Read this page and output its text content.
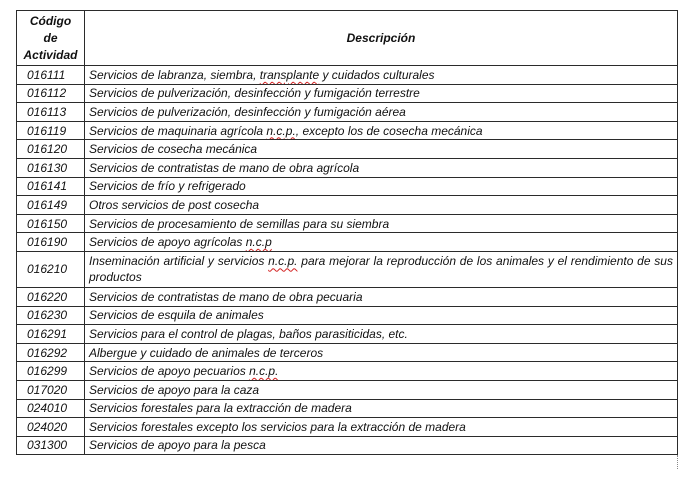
Código
de
Actividad	Descripción
016111	Servicios de labranza, siembra, transplante y cuidados culturales
016112	Servicios de pulverización, desinfección y fumigación terrestre
016113	Servicios de pulverización, desinfección y fumigación aérea
016119	Servicios de maquinaria agrícola n.c.p., excepto los de cosecha mecánica
016120	Servicios de cosecha mecánica
016130	Servicios de contratistas de mano de obra agrícola
016141	Servicios de frío y refrigerado
016149	Otros servicios de post cosecha
016150	Servicios de procesamiento de semillas para su siembra
016190	Servicios de apoyo agrícolas n.c.p
016210	Inseminación artificial y servicios n.c.p. para mejorar la reproducción de los animales y el rendimiento de sus productos
016220	Servicios de contratistas de mano de obra pecuaria
016230	Servicios de esquila de animales
016291	Servicios para el control de plagas, baños parasiticidas, etc.
016292	Albergue y cuidado de animales de terceros
016299	Servicios de apoyo pecuarios n.c.p.
017020	Servicios de apoyo para la caza
024010	Servicios forestales para la extracción de madera
024020	Servicios forestales excepto los servicios para la extracción de madera
031300	Servicios de apoyo para la pesca
